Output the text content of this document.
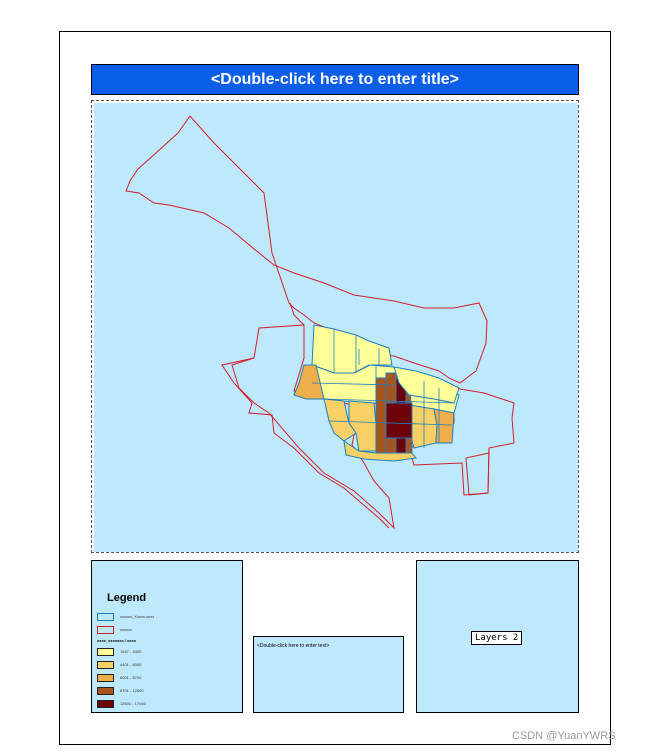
<Double-click here to enter title>
Legend
xxxxxx_Xxxxx-xxxx
xxxxxx
xxxx_xxxxxxx / xxxx
1947 - 4400
4401 - 6000
6001 - 8700
8701 - 12600
12601 - 17040
<Double-click here to enter text>
Layers 2
CSDN @YuanYWRS
